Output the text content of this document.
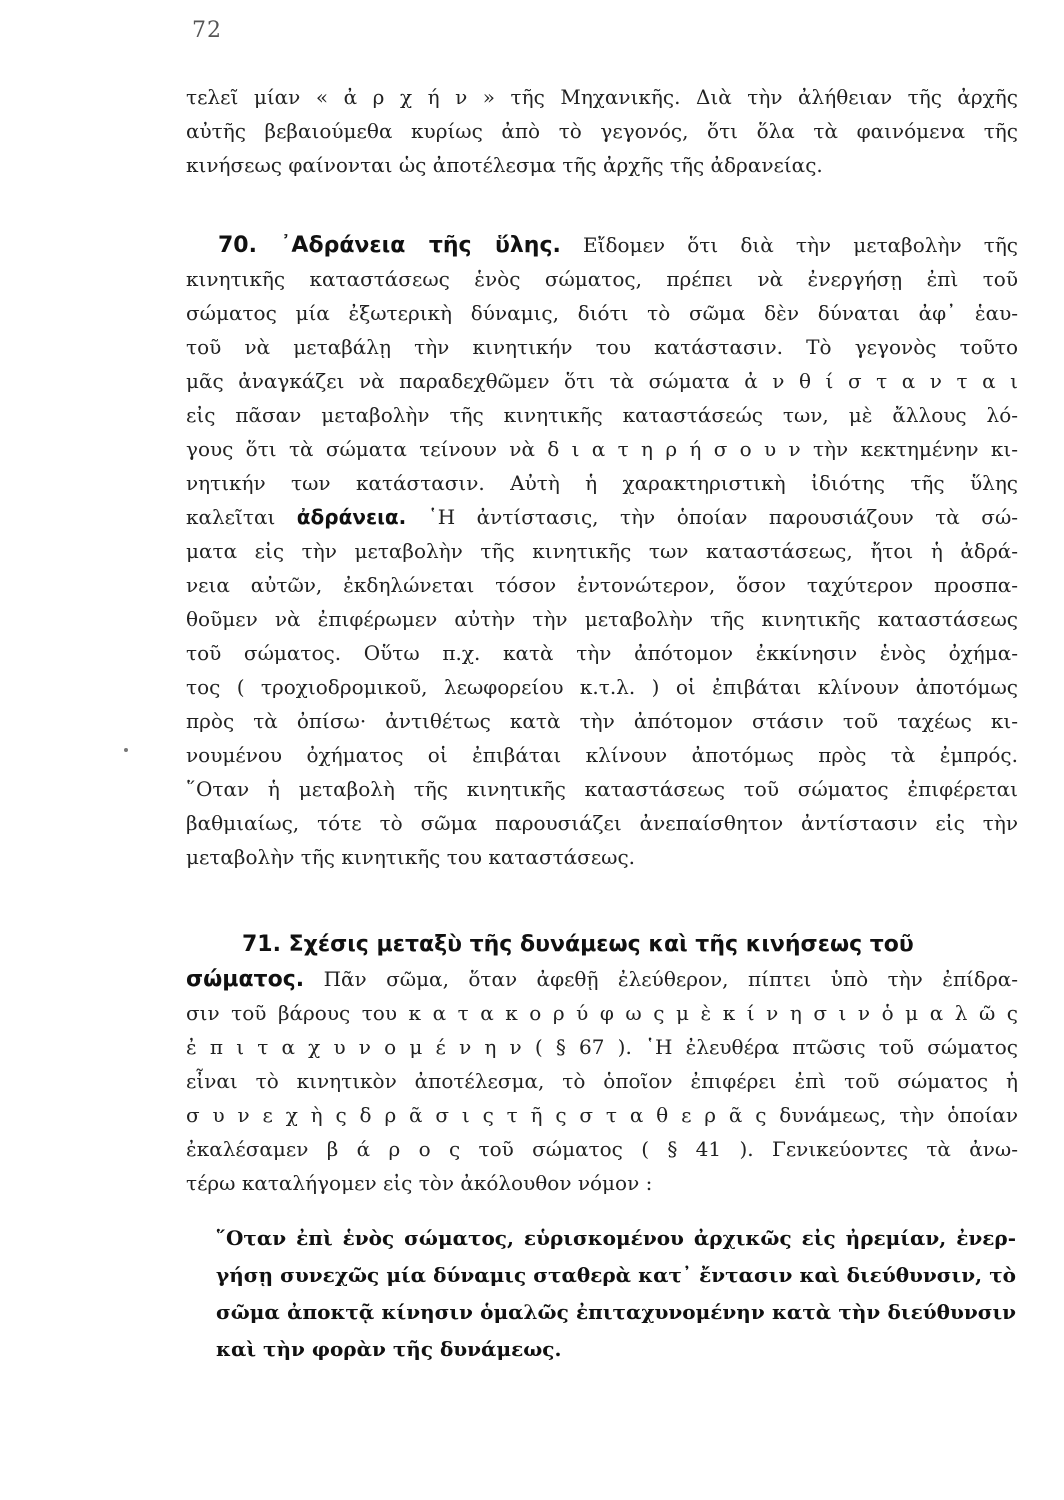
72
τελεῖ μίαν « ἀ ρ χ ή ν » τῆς Μηχανικῆς. Διὰ τὴν ἀλήθειαν τῆς ἀρχῆς
αὐτῆς βεβαιούμεθα κυρίως ἀπὸ τὸ γεγονός, ὅτι ὅλα τὰ φαινόμενα τῆς
κινήσεως φαίνονται ὡς ἀποτέλεσμα τῆς ἀρχῆς τῆς ἀδρανείας.
70. ᾿Αδράνεια τῆς ὕλης. Εἴδομεν ὅτι διὰ τὴν μεταβολὴν τῆς
κινητικῆς καταστάσεως ἑνὸς σώματος, πρέπει νὰ ἐνεργήσῃ ἐπὶ τοῦ
σώματος μία ἐξωτερικὴ δύναμις, διότι τὸ σῶμα δὲν δύναται ἀφ᾿ ἑαυ-
τοῦ νὰ μεταβάλῃ τὴν κινητικήν του κατάστασιν. Τὸ γεγονὸς τοῦτο
μᾶς ἀναγκάζει νὰ παραδεχθῶμεν ὅτι τὰ σώματα ἀ ν θ ί σ τ α ν τ α ι
εἰς πᾶσαν μεταβολὴν τῆς κινητικῆς καταστάσεώς των, μὲ ἄλλους λό-
γους ὅτι τὰ σώματα τείνουν νὰ δ ι α τ η ρ ή σ ο υ ν τὴν κεκτημένην κι-
νητικήν των κατάστασιν. Αὐτὴ ἡ χαρακτηριστικὴ ἰδιότης τῆς ὕλης
καλεῖται ἀδράνεια. ῾Η ἀντίστασις, τὴν ὁποίαν παρουσιάζουν τὰ σώ-
ματα εἰς τὴν μεταβολὴν τῆς κινητικῆς των καταστάσεως, ἤτοι ἡ ἀδρά-
νεια αὐτῶν, ἐκδηλώνεται τόσον ἐντονώτερον, ὅσον ταχύτερον προσπα-
θοῦμεν νὰ ἐπιφέρωμεν αὐτὴν τὴν μεταβολὴν τῆς κινητικῆς καταστάσεως
τοῦ σώματος. Οὕτω π.χ. κατὰ τὴν ἀπότομον ἐκκίνησιν ἑνὸς ὀχήμα-
τος ( τροχιοδρομικοῦ, λεωφορείου κ.τ.λ. ) οἱ ἐπιβάται κλίνουν ἀποτόμως
πρὸς τὰ ὀπίσω· ἀντιθέτως κατὰ τὴν ἀπότομον στάσιν τοῦ ταχέως κι-
νουμένου ὀχήματος οἱ ἐπιβάται κλίνουν ἀποτόμως πρὸς τὰ ἐμπρός.
῞Οταν ἡ μεταβολὴ τῆς κινητικῆς καταστάσεως τοῦ σώματος ἐπιφέρεται
βαθμιαίως, τότε τὸ σῶμα παρουσιάζει ἀνεπαίσθητον ἀντίστασιν εἰς τὴν
μεταβολὴν τῆς κινητικῆς του καταστάσεως.
71. Σχέσις μεταξὺ τῆς δυνάμεως καὶ τῆς κινήσεως τοῦ
σώματος. Πᾶν σῶμα, ὅταν ἀφεθῇ ἐλεύθερον, πίπτει ὑπὸ τὴν ἐπίδρα-
σιν τοῦ βάρους του κ α τ α κ ο ρ ύ φ ω ς μ ὲ κ ί ν η σ ι ν ὁ μ α λ ῶ ς
ἐ π ι τ α χ υ ν ο μ έ ν η ν ( § 67 ). ῾Η ἐλευθέρα πτῶσις τοῦ σώματος
εἶναι τὸ κινητικὸν ἀποτέλεσμα, τὸ ὁποῖον ἐπιφέρει ἐπὶ τοῦ σώματος ἡ
σ υ ν ε χ ὴ ς δ ρ ᾶ σ ι ς τ ῆ ς σ τ α θ ε ρ ᾶ ς δυνάμεως, τὴν ὁποίαν
ἐκαλέσαμεν β ά ρ ο ς τοῦ σώματος ( § 41 ). Γενικεύοντες τὰ ἀνω-
τέρω καταλήγομεν εἰς τὸν ἀκόλουθον νόμον :
῞Οταν ἐπὶ ἑνὸς σώματος, εὑρισκομένου ἀρχικῶς εἰς ἠρεμίαν, ἐνερ-
γήσῃ συνεχῶς μία δύναμις σταθερὰ κατ᾿ ἔντασιν καὶ διεύθυνσιν, τὸ
σῶμα ἀποκτᾷ κίνησιν ὁμαλῶς ἐπιταχυνομένην κατὰ τὴν διεύθυνσιν
καὶ τὴν φορὰν τῆς δυνάμεως.
